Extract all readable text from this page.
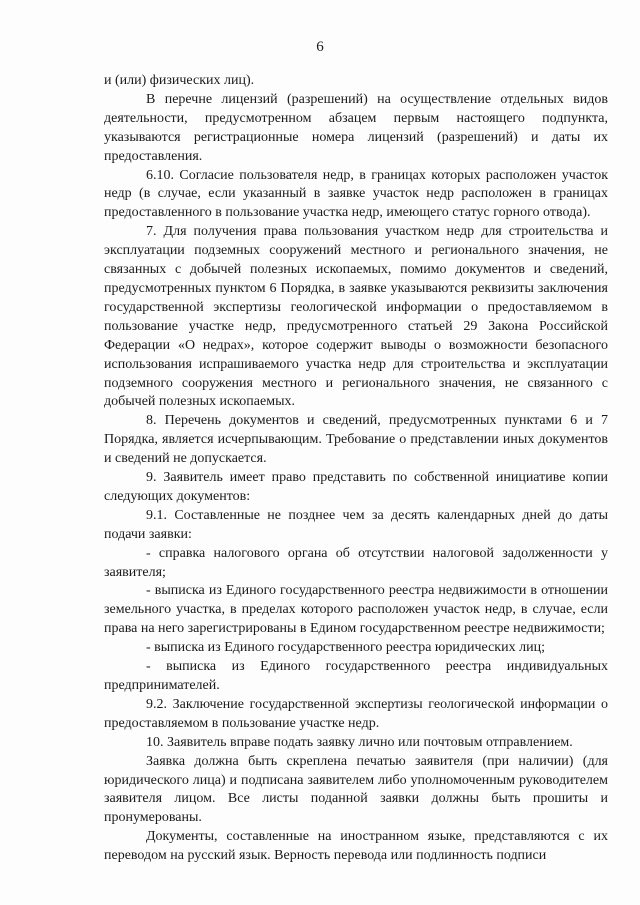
6

и (или) физических лиц).

В перечне лицензий (разрешений) на осуществление отдельных видов деятельности, предусмотренном абзацем первым настоящего подпункта, указываются регистрационные номера лицензий (разрешений) и даты их предоставления.

6.10. Согласие пользователя недр, в границах которых расположен участок недр (в случае, если указанный в заявке участок недр расположен в границах предоставленного в пользование участка недр, имеющего статус горного отвода).

7. Для получения права пользования участком недр для строительства и эксплуатации подземных сооружений местного и регионального значения, не связанных с добычей полезных ископаемых, помимо документов и сведений, предусмотренных пунктом 6 Порядка, в заявке указываются реквизиты заключения государственной экспертизы геологической информации о предоставляемом в пользование участке недр, предусмотренного статьей 29 Закона Российской Федерации «О недрах», которое содержит выводы о возможности безопасного использования испрашиваемого участка недр для строительства и эксплуатации подземного сооружения местного и регионального значения, не связанного с добычей полезных ископаемых.

8. Перечень документов и сведений, предусмотренных пунктами 6 и 7 Порядка, является исчерпывающим. Требование о представлении иных документов и сведений не допускается.

9. Заявитель имеет право представить по собственной инициативе копии следующих документов:

9.1. Составленные не позднее чем за десять календарных дней до даты подачи заявки:

- справка налогового органа об отсутствии налоговой задолженности у заявителя;

- выписка из Единого государственного реестра недвижимости в отношении земельного участка, в пределах которого расположен участок недр, в случае, если права на него зарегистрированы в Едином государственном реестре недвижимости;

- выписка из Единого государственного реестра юридических лиц;

- выписка из Единого государственного реестра индивидуальных предпринимателей.

9.2. Заключение государственной экспертизы геологической информации о предоставляемом в пользование участке недр.

10. Заявитель вправе подать заявку лично или почтовым отправлением.

Заявка должна быть скреплена печатью заявителя (при наличии) (для юридического лица) и подписана заявителем либо уполномоченным руководителем заявителя лицом. Все листы поданной заявки должны быть прошиты и пронумерованы.

Документы, составленные на иностранном языке, представляются с их переводом на русский язык. Верность перевода или подлинность подписи
